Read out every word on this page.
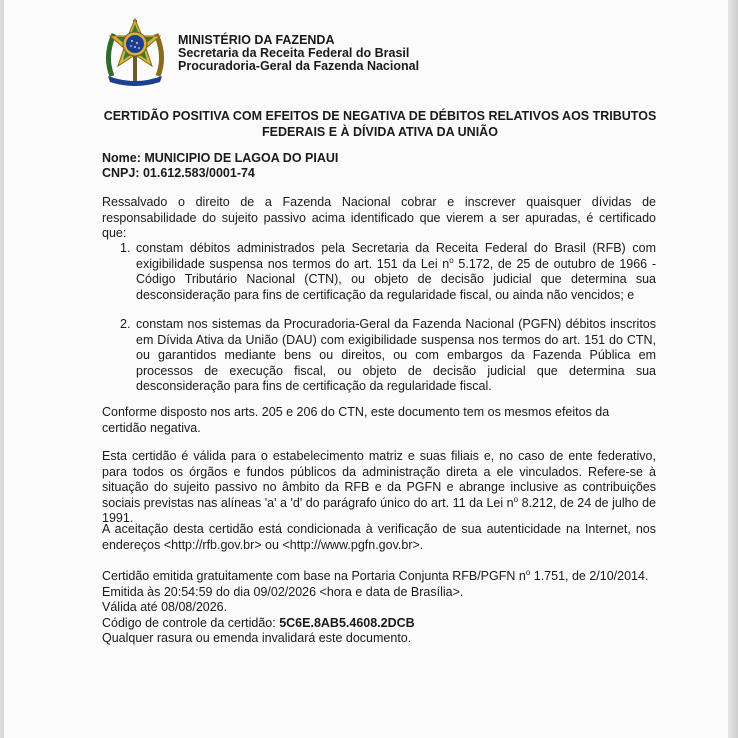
MINISTÉRIO DA FAZENDA
Secretaria da Receita Federal do Brasil
Procuradoria-Geral da Fazenda Nacional
CERTIDÃO POSITIVA COM EFEITOS DE NEGATIVA DE DÉBITOS RELATIVOS AOS TRIBUTOS
FEDERAIS E À DÍVIDA ATIVA DA UNIÃO
Nome: MUNICIPIO DE LAGOA DO PIAUI
CNPJ: 01.612.583/0001-74
Ressalvado o direito de a Fazenda Nacional cobrar e inscrever quaisquer dívidas de responsabilidade do sujeito passivo acima identificado que vierem a ser apuradas, é certificado que:
1. constam débitos administrados pela Secretaria da Receita Federal do Brasil (RFB) com exigibilidade suspensa nos termos do art. 151 da Lei $n^o$ 5.172, de 25 de outubro de 1966 - Código Tributário Nacional (CTN), ou objeto de decisão judicial que determina sua desconsideração para fins de certificação da regularidade fiscal, ou ainda não vencidos; e
2. constam nos sistemas da Procuradoria-Geral da Fazenda Nacional (PGFN) débitos inscritos em Dívida Ativa da União (DAU) com exigibilidade suspensa nos termos do art. 151 do CTN, ou garantidos mediante bens ou direitos, ou com embargos da Fazenda Pública em processos de execução fiscal, ou objeto de decisão judicial que determina sua desconsideração para fins de certificação da regularidade fiscal.
Conforme disposto nos arts. 205 e 206 do CTN, este documento tem os mesmos efeitos da certidão negativa.
Esta certidão é válida para o estabelecimento matriz e suas filiais e, no caso de ente federativo, para todos os órgãos e fundos públicos da administração direta a ele vinculados. Refere-se à situação do sujeito passivo no âmbito da RFB e da PGFN e abrange inclusive as contribuições sociais previstas nas alíneas 'a' a 'd' do parágrafo único do art. 11 da Lei $n^o$ 8.212, de 24 de julho de 1991.
A aceitação desta certidão está condicionada à verificação de sua autenticidade na Internet, nos endereços <http://rfb.gov.br> ou <http://www.pgfn.gov.br>.
Certidão emitida gratuitamente com base na Portaria Conjunta RFB/PGFN $n^o$ 1.751, de 2/10/2014.
Emitida às 20:54:59 do dia 09/02/2026 <hora e data de Brasília>.
Válida até 08/08/2026.
Código de controle da certidão: 5C6E.8AB5.4608.2DCB
Qualquer rasura ou emenda invalidará este documento.
